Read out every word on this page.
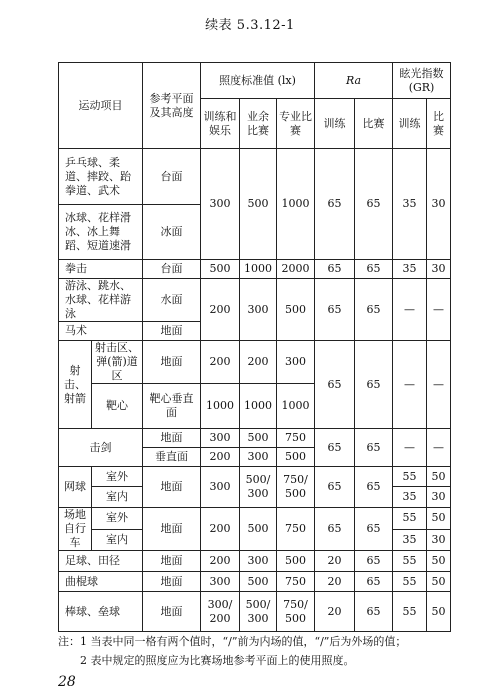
续表 5.3.12-1
运动项目		参考平面及其高度	照度标准值 (lx)			Ra		眩光指数(GR)	
			训练和娱乐	业余比赛	专业比赛	训练	比赛	训练	比赛
乒乓球、柔道、摔跤、跆拳道、武术		台面	300	500	1000	65	65	35	30
冰球、花样滑冰、冰上舞蹈、短道速滑		冰面							
拳击		台面	500	1000	2000	65	65	35	30
游泳、跳水、水球、花样游泳		水面	200	300	500	65	65	—	—
马术		地面							
射击、射箭	射击区、弹(箭)道区	地面	200	200	300	65	65	—	—
	靶心	靶心垂直面	1000	1000	1000				
击剑		地面	300	500	750	65	65	—	—
		垂直面	200	300	500				
网球	室外	地面	300	500/ 300	750/ 500	65	65	55	50
	室内							35	30
场地自行车	室外	地面	200	500	750	65	65	55	50
	室内							35	30
足球、田径		地面	200	300	500	20	65	55	50
曲棍球		地面	300	500	750	20	65	55	50
棒球、垒球		地面	300/ 200	500/ 300	750/ 500	20	65	55	50
注：1 当表中同一格有两个值时，“/”前为内场的值，“/”后为外场的值；
2 表中规定的照度应为比赛场地参考平面上的使用照度。
28
